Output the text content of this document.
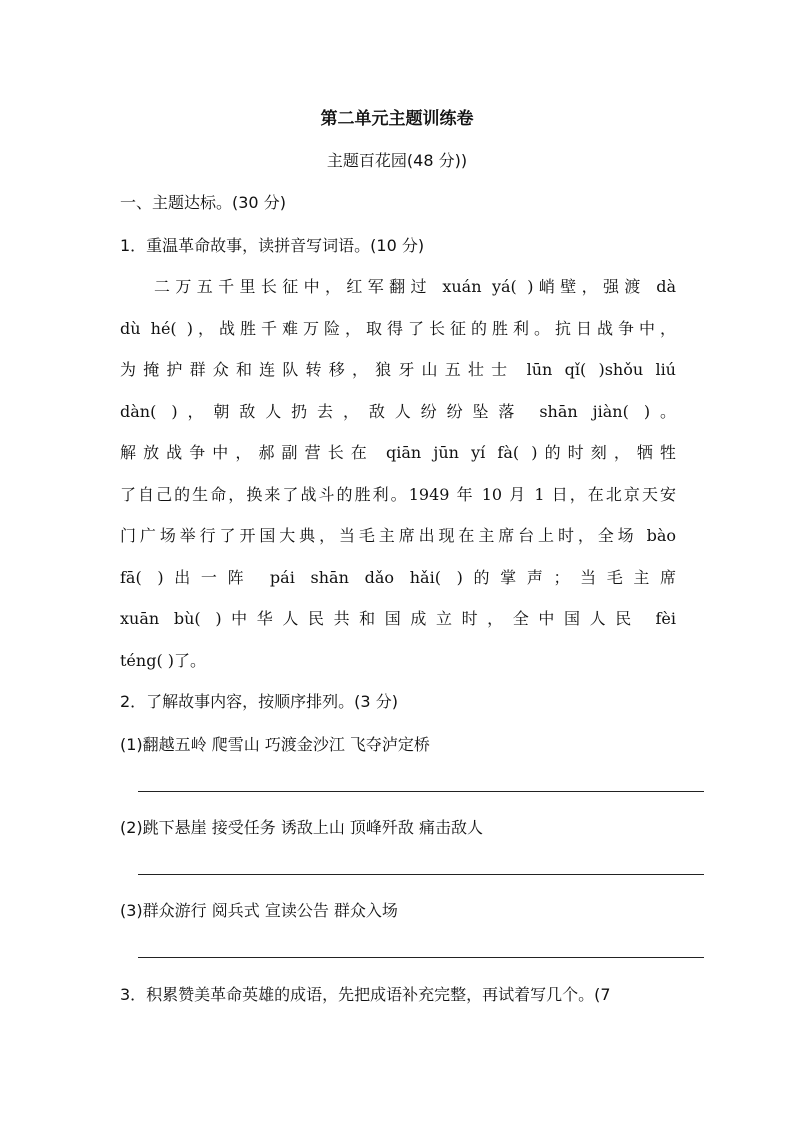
第二单元主题训练卷
主题百花园(48 分))
一、主题达标。(30 分)
1．重温革命故事，读拼音写词语。(10 分)
二万五千里长征中，红军翻过 xuán yá( )峭壁，强渡 dà
dù hé( )，战胜千难万险，取得了长征的胜利。抗日战争中，
为掩护群众和连队转移，狼牙山五壮士 lūn qǐ( )shǒu liú
dàn( )，朝敌人扔去，敌人纷纷坠落 shān jiàn( )。
解放战争中，郝副营长在 qiān jūn yí fà( )的时刻，牺牲
了自己的生命，换来了战斗的胜利。1949 年 10 月 1 日，在北京天安
门广场举行了开国大典，当毛主席出现在主席台上时，全场 bào
fā( )出一阵 pái shān dǎo hǎi( )的掌声；当毛主席
xuān bù( )中华人民共和国成立时，全中国人民 fèi
téng( )了。
2．了解故事内容，按顺序排列。(3 分)
(1)翻越五岭 爬雪山 巧渡金沙江 飞夺泸定桥
(2)跳下悬崖 接受任务 诱敌上山 顶峰歼敌 痛击敌人
(3)群众游行 阅兵式 宣读公告 群众入场
3．积累赞美革命英雄的成语，先把成语补充完整，再试着写几个。(7
